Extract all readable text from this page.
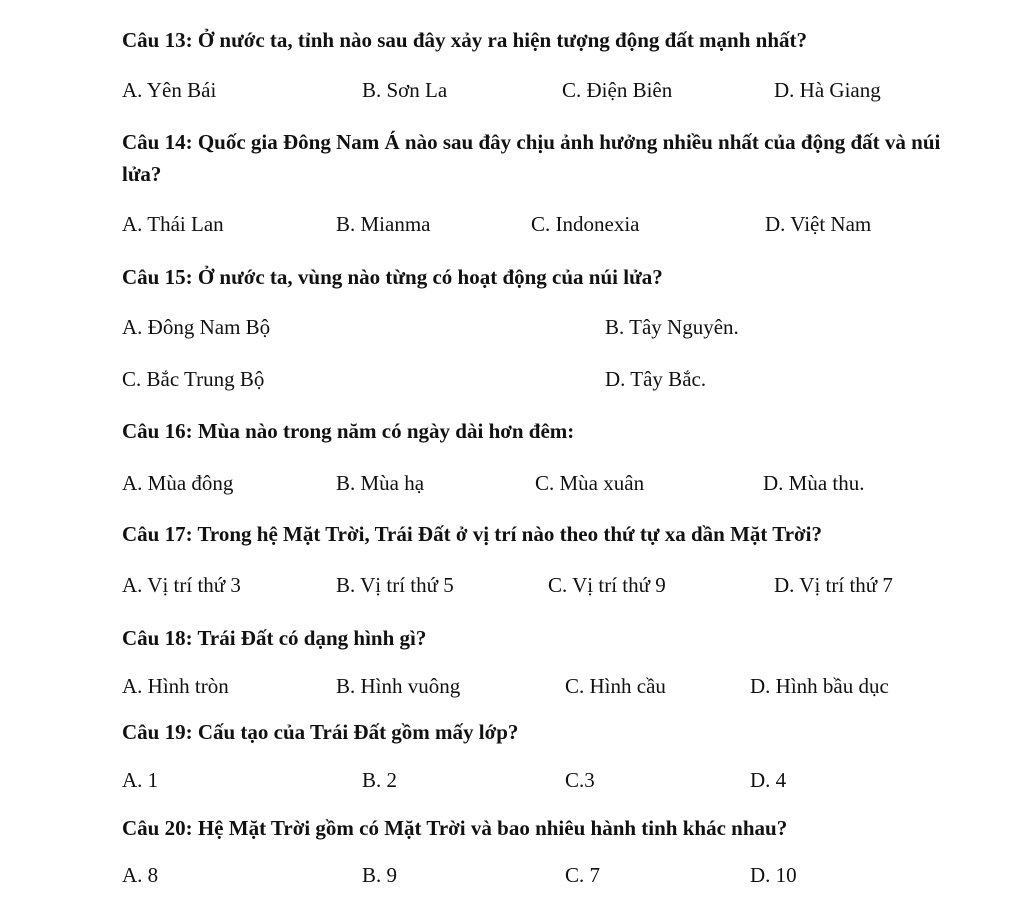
Câu 13: Ở nước ta, tỉnh nào sau đây xảy ra hiện tượng động đất mạnh nhất?

A. Yên Bái	B. Sơn La	C. Điện Biên	D. Hà Giang

Câu 14: Quốc gia Đông Nam Á nào sau đây chịu ảnh hưởng nhiều nhất của động đất và núi lửa?

A. Thái Lan	B. Mianma	C. Indonexia	D. Việt Nam

Câu 15: Ở nước ta, vùng nào từng có hoạt động của núi lửa?

A. Đông Nam Bộ	B. Tây Nguyên.
C. Bắc Trung Bộ	D. Tây Bắc.

Câu 16: Mùa nào trong năm có ngày dài hơn đêm:

A. Mùa đông	B. Mùa hạ	C. Mùa xuân	D. Mùa thu.

Câu 17: Trong hệ Mặt Trời, Trái Đất ở vị trí nào theo thứ tự xa dần Mặt Trời?

A. Vị trí thứ 3	B. Vị trí thứ 5	C. Vị trí thứ 9	D. Vị trí thứ 7

Câu 18: Trái Đất có dạng hình gì?

A. Hình tròn	B. Hình vuông	C. Hình cầu	D. Hình bầu dục

Câu 19: Cấu tạo của Trái Đất gồm mấy lớp?

A. 1	B. 2	C.3	D. 4

Câu 20: Hệ Mặt Trời gồm có Mặt Trời và bao nhiêu hành tinh khác nhau?

A. 8	B. 9	C. 7	D. 10
